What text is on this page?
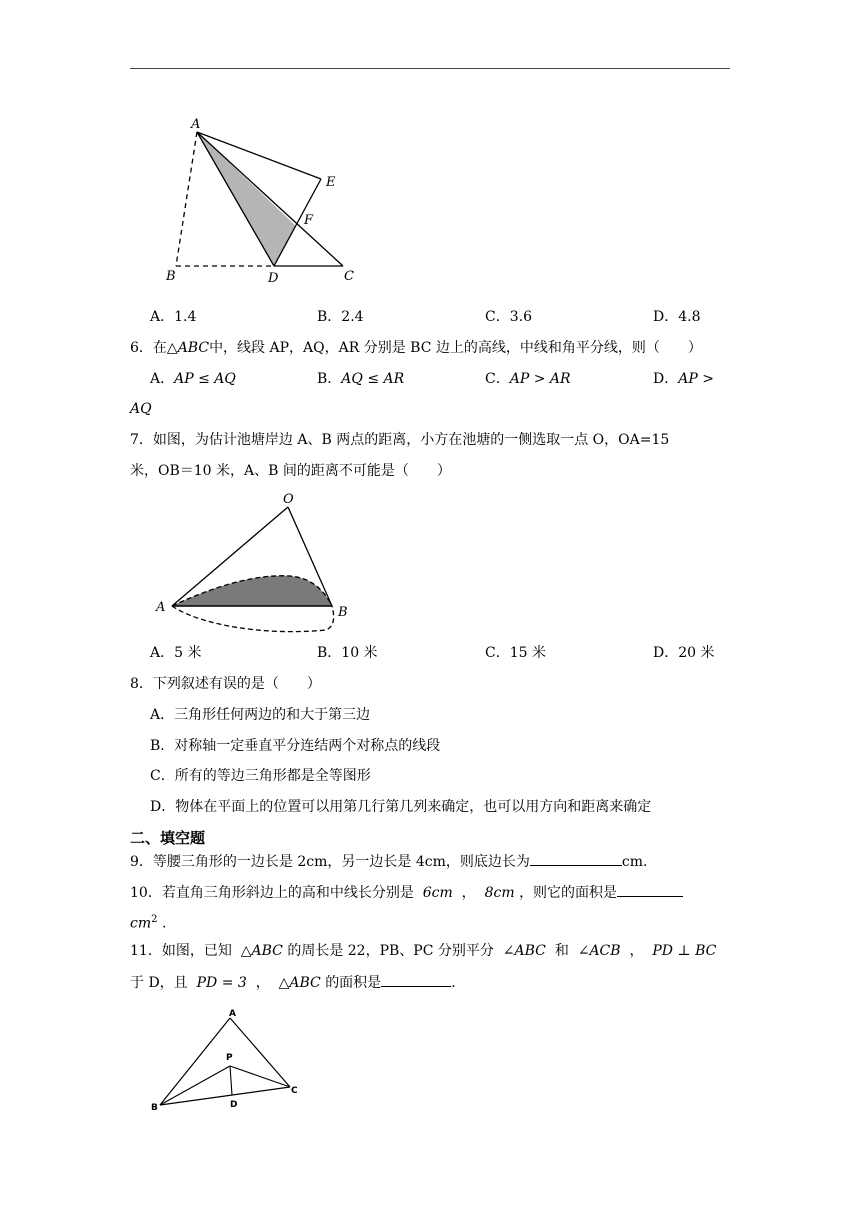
A
B	C
D
E
F
A．1.4	B．2.4	C．3.6	D．4.8
6．在△ABC中，线段 AP，AQ，AR 分别是 BC 边上的高线，中线和角平分线，则（　　）
A．AP ≤ AQ	B．AQ ≤ AR	C．AP > AR	D．AP >
AQ
7．如图，为估计池塘岸边 A、B 两点的距离，小方在池塘的一侧选取一点 O，OA=15
米，OB＝10 米，A、B 间的距离不可能是（　　）
O
A	B
A．5 米	B．10 米	C．15 米	D．20 米
8．下列叙述有误的是（　　）
A．三角形任何两边的和大于第三边
B．对称轴一定垂直平分连结两个对称点的线段
C．所有的等边三角形都是全等图形
D．物体在平面上的位置可以用第几行第几列来确定，也可以用方向和距离来确定
二、填空题
9．等腰三角形的一边长是 2cm，另一边长是 4cm，则底边长为	cm.
10．若直角三角形斜边上的高和中线长分别是 6cm ， 8cm ，则它的面积是
$cm^2$ .
11．如图，已知 △ABC 的周长是 22，PB、PC 分别平分 ∠ABC 和 ∠ACB ， PD ⊥ BC
于 D，且 PD = 3 ， △ABC 的面积是	.
A
B
C
P
D
